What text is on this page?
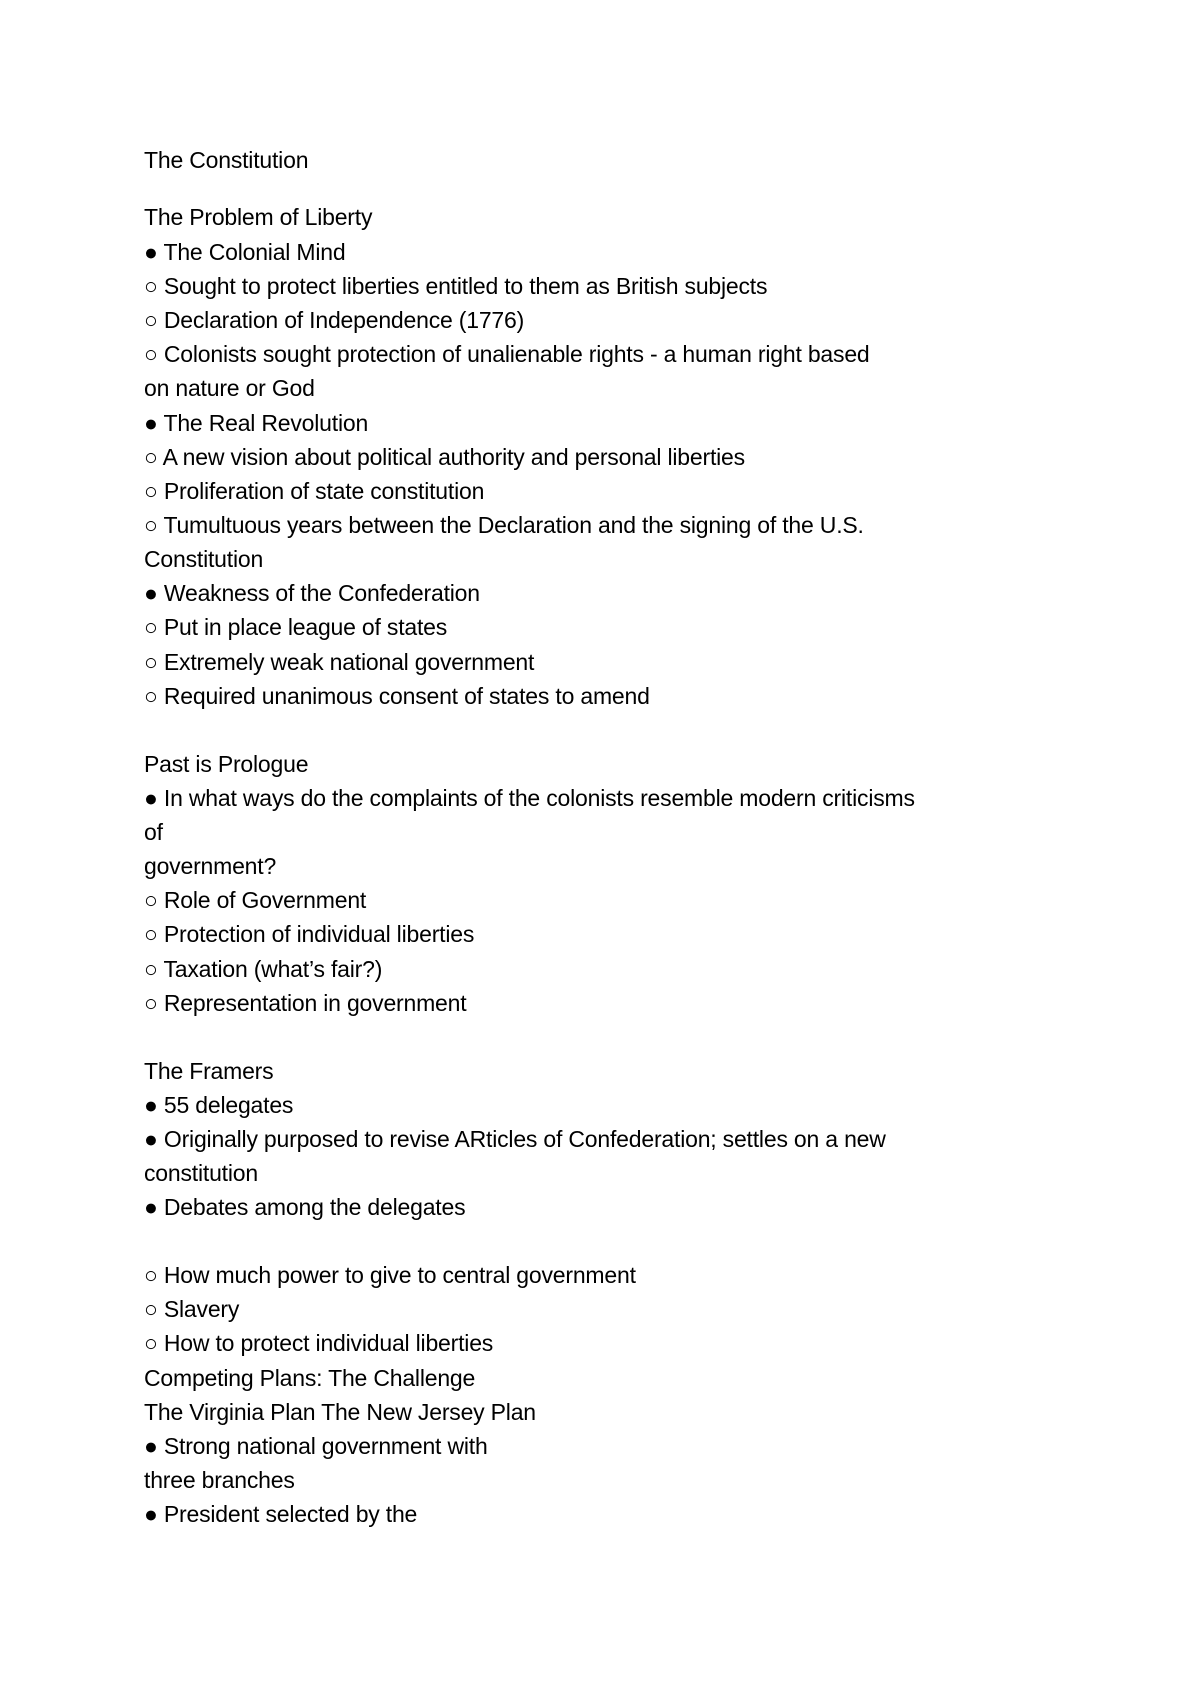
The Constitution
The Problem of Liberty
● The Colonial Mind
○ Sought to protect liberties entitled to them as British subjects
○ Declaration of Independence (1776)
○ Colonists sought protection of unalienable rights - a human right based
on nature or God
● The Real Revolution
○ A new vision about political authority and personal liberties
○ Proliferation of state constitution
○ Tumultuous years between the Declaration and the signing of the U.S.
Constitution
● Weakness of the Confederation
○ Put in place league of states
○ Extremely weak national government
○ Required unanimous consent of states to amend
Past is Prologue
● In what ways do the complaints of the colonists resemble modern criticisms
of
government?
○ Role of Government
○ Protection of individual liberties
○ Taxation (what’s fair?)
○ Representation in government
The Framers
● 55 delegates
● Originally purposed to revise ARticles of Confederation; settles on a new
constitution
● Debates among the delegates
○ How much power to give to central government
○ Slavery
○ How to protect individual liberties
Competing Plans: The Challenge
The Virginia Plan The New Jersey Plan
● Strong national government with
three branches
● President selected by the
